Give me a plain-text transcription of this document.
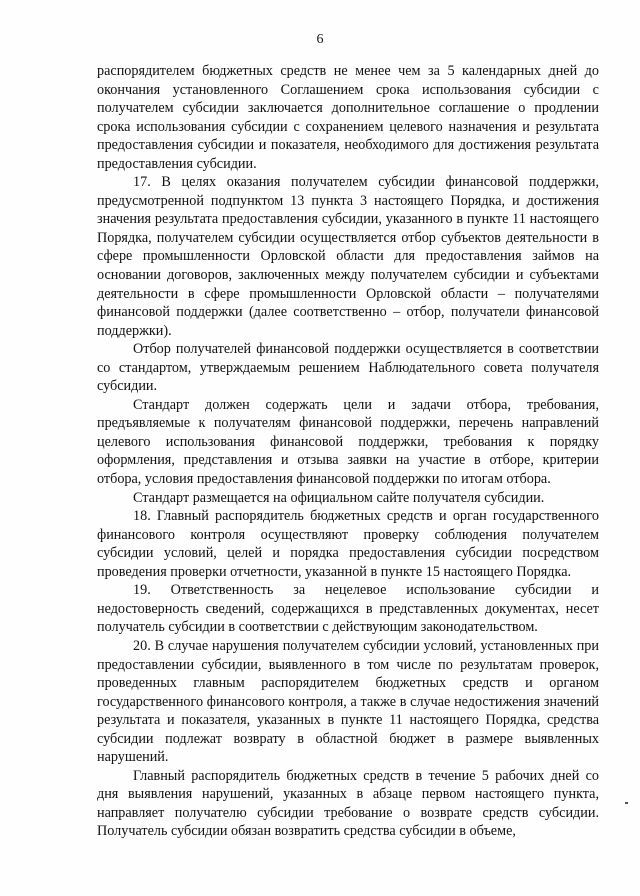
6

распорядителем бюджетных средств не менее чем за 5 календарных дней до окончания установленного Соглашением срока использования субсидии с получателем субсидии заключается дополнительное соглашение о продлении срока использования субсидии с сохранением целевого назначения и результата предоставления субсидии и показателя, необходимого для достижения результата предоставления субсидии.

17. В целях оказания получателем субсидии финансовой поддержки, предусмотренной подпунктом 13 пункта 3 настоящего Порядка, и достижения значения результата предоставления субсидии, указанного в пункте 11 настоящего Порядка, получателем субсидии осуществляется отбор субъектов деятельности в сфере промышленности Орловской области для предоставления займов на основании договоров, заключенных между получателем субсидии и субъектами деятельности в сфере промышленности Орловской области – получателями финансовой поддержки (далее соответственно – отбор, получатели финансовой поддержки).

Отбор получателей финансовой поддержки осуществляется в соответствии со стандартом, утверждаемым решением Наблюдательного совета получателя субсидии.

Стандарт должен содержать цели и задачи отбора, требования, предъявляемые к получателям финансовой поддержки, перечень направлений целевого использования финансовой поддержки, требования к порядку оформления, представления и отзыва заявки на участие в отборе, критерии отбора, условия предоставления финансовой поддержки по итогам отбора.

Стандарт размещается на официальном сайте получателя субсидии.

18. Главный распорядитель бюджетных средств и орган государственного финансового контроля осуществляют проверку соблюдения получателем субсидии условий, целей и порядка предоставления субсидии посредством проведения проверки отчетности, указанной в пункте 15 настоящего Порядка.

19. Ответственность за нецелевое использование субсидии и недостоверность сведений, содержащихся в представленных документах, несет получатель субсидии в соответствии с действующим законодательством.

20. В случае нарушения получателем субсидии условий, установленных при предоставлении субсидии, выявленного в том числе по результатам проверок, проведенных главным распорядителем бюджетных средств и органом государственного финансового контроля, а также в случае недостижения значений результата и показателя, указанных в пункте 11 настоящего Порядка, средства субсидии подлежат возврату в областной бюджет в размере выявленных нарушений.

Главный распорядитель бюджетных средств в течение 5 рабочих дней со дня выявления нарушений, указанных в абзаце первом настоящего пункта, направляет получателю субсидии требование о возврате средств субсидии. Получатель субсидии обязан возвратить средства субсидии в объеме,
